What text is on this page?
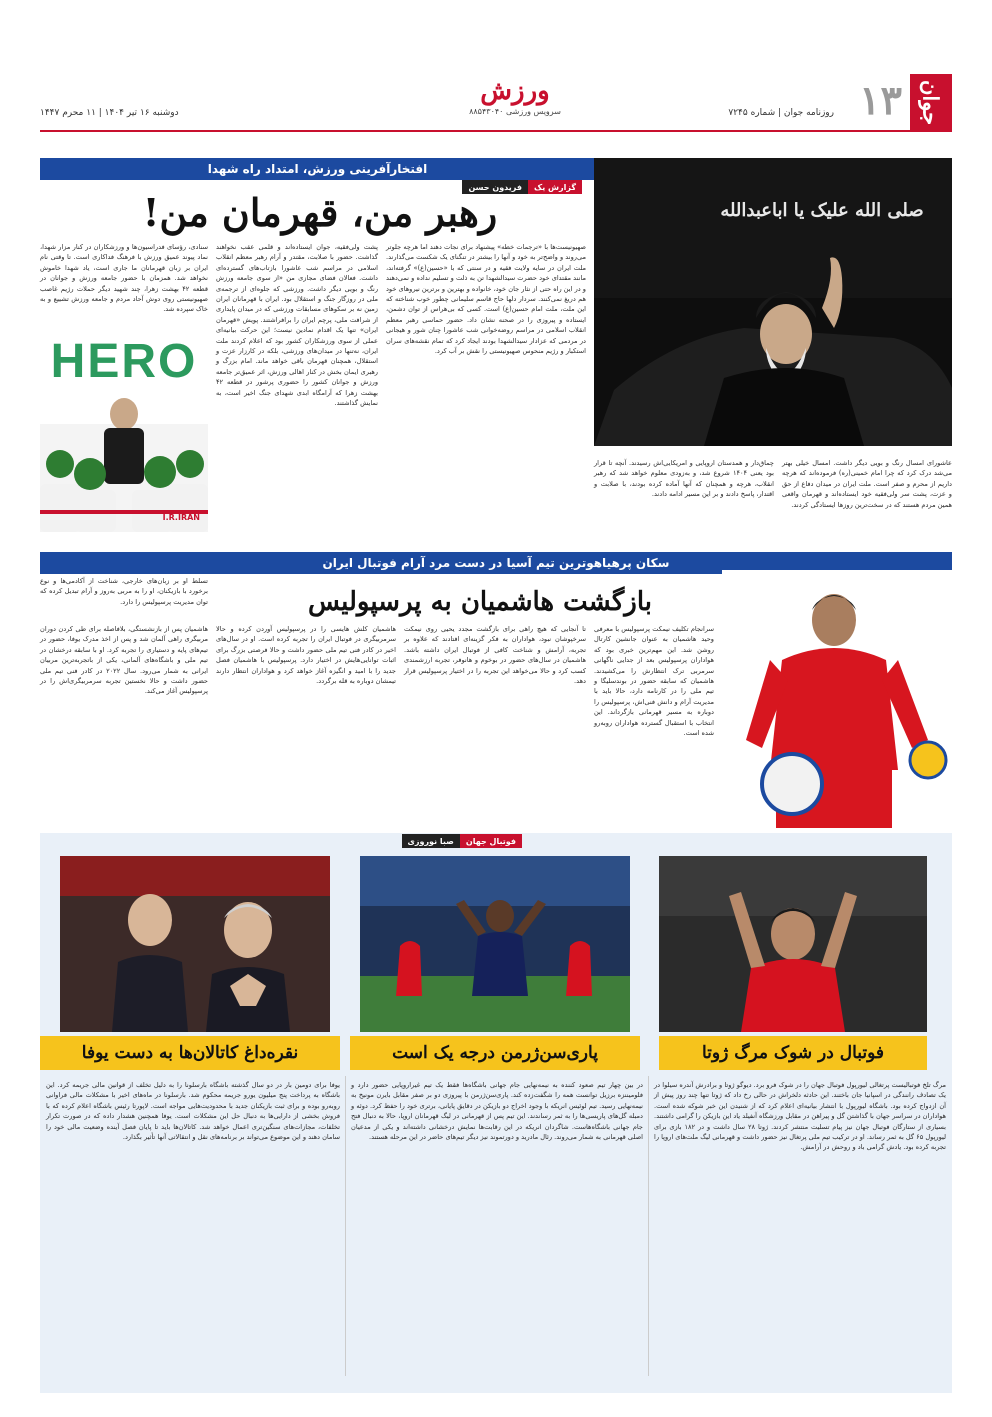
جوان
۱۳
روزنامه جوان | شماره ۷۲۴۵
ورزش
سرویس ورزشی ۸۸۵۴۳۰۴۰
دوشنبه ۱۶ تیر ۱۴۰۴ | ۱۱ محرم ۱۴۴۷
افتخارآفرینی ورزش، امتداد راه شهدا
گزارش یک
فریدون حسن
رهبر من، قهرمان من!	صلی الله علیک یا اباعبدالله
HERO
I.R.IRAN
سنادی، رؤسای فدراسیون‌ها و ورزشکاران در کنار مزار شهدا، نماد پیوند عمیق ورزش با فرهنگ فداکاری است. تا وقتی نام ایران بر زبان قهرمانان ما جاری است، یاد شهدا خاموش نخواهد شد. همزمان با حضور جامعه ورزش و جوانان در قطعه ۴۲ بهشت زهرا، چند شهید دیگر حملات رژیم غاصب صهیونیستی روی دوش آحاد مردم و جامعه ورزش تشییع و به خاک سپرده شد.
پشت ولی‌فقیه، جوان ایستاده‌اند و قلمی عقب نخواهند گذاشت. حضور با صلابت، مقتدر و آرام رهبر معظم انقلاب اسلامی در مراسم شب عاشورا بازتاب‌های گسترده‌ای داشت. فعالان فضای مجازی من «از سوی جامعه ورزش رنگ و بویی دیگر داشت. ورزشی که جلوه‌ای از ترجمه‌ی ملی در روزگار جنگ و استقلال بود. ایران با قهرمانان ایران زمین نه بر سکوهای مسابقات ورزشی که در میدان پایداری از شرافت ملی، پرچم ایران را برافراشتند. پویش «قهرمان ایران» تنها یک اقدام نمادین نیست؛ این حرکت بیانیه‌ای عملی از سوی ورزشکاران کشور بود که اعلام کردند ملت ایران، نه‌تنها در میدان‌های ورزشی، بلکه در کارزار عزت و استقلال، همچنان قهرمان باقی خواهد ماند. امام بزرگ و رهبری ایمان بخش در کنار اهالی ورزش، اثر عمیق‌تر جامعه ورزش و جوانان کشور را حضوری پرشور در قطعه ۴۲ بهشت زهرا که آرامگاه ابدی شهدای جنگ اخیر است، به نمایش گذاشتند.
صهیونیست‌ها با «ترجمات خطه» پیشنهاد برای نجات دهند اما هرچه جلوتر می‌روند و واضح‌تر به خود و آنها را بیشتر در تنگنای یک شکست می‌گذارند. ملت ایران در سایه ولایت فقیه و در سنتی که با «حسین(ع)» گرفته‌اند، مانند مقتدای خود حضرت سیدالشهدا تن به ذلت و تسلیم نداده و نمی‌دهند و در این راه حتی از نثار جان خود، خانواده و بهترین و برترین نیروهای خود هم دریغ نمی‌کنند. سردار دلها حاج قاسم سلیمانی چطور خوب شناخته که این ملت، ملت امام حسین(ع) است. کسی که بی‌هراس از توان دشمن، ایستاده و پیروزی را در صحنه نشان داد. حضور حماسی رهبر معظم انقلاب اسلامی در مراسم روضه‌خوانی شب عاشورا چنان شور و هیجانی در مردمی که عزادار سیدالشهدا بودند ایجاد کرد که تمام نقشه‌های سران استکبار و رژیم منحوس صهیونیستی را نقش بر آب کرد.
عاشورای امسال رنگ و بویی دیگر داشت. امسال خیلی بهتر می‌شد درک کرد که چرا امام خمینی(ره) فرموده‌اند که هرچه داریم از محرم و صفر است. ملت ایران در میدان دفاع از حق و عزت، پشت سر ولی‌فقیه خود ایستاده‌اند و قهرمان واقعی همین مردم هستند که در سخت‌ترین روزها ایستادگی کردند.
چماق‌دار و همدستان اروپایی و امریکایی‌اش رسیدند. آنچه تا قرار بود یعنی ۱۴۰۴ شروع شد، و به‌زودی معلوم خواهد شد که رهبر انقلاب، هرچه و همچنان که آنها آماده کرده بودند، با صلابت و اقتدار، پاسخ دادند و بر این مسیر ادامه دادند.
سکان پرهیاهوترین تیم آسیا در دست مرد آرام فوتبال ایران
بازگشت هاشمیان به پرسپولیس
سرانجام تکلیف نیمکت پرسپولیس با معرفی وحید هاشمیان به عنوان جانشین کارتال روشن شد. این مهم‌ترین خبری بود که هواداران پرسپولیس بعد از جدایی ناگهانی سرمربی ترک انتظارش را می‌کشیدند. هاشمیان که سابقه حضور در بوندسلیگا و تیم ملی را در کارنامه دارد، حالا باید با مدیریت آرام و دانش فنی‌اش، پرسپولیس را دوباره به مسیر قهرمانی بازگرداند. این انتخاب با استقبال گسترده هواداران روبه‌رو شده است.
تا آنجایی که هیچ راهی برای بازگشت مجدد یحیی روی نیمکت سرخپوشان نبود، هواداران به فکر گزینه‌ای افتادند که علاوه بر تجربه، آرامش و شناخت کافی از فوتبال ایران داشته باشد. هاشمیان در سال‌های حضور در بوخوم و هانوفر، تجربه ارزشمندی کسب کرد و حالا می‌خواهد این تجربه را در اختیار پرسپولیس قرار دهد.
هاشمیان کلش هایسی را در پرسپولیس آوردن کرده و حالا سرمربیگری در فوتبال ایران را تجربه کرده است. او در سال‌های اخیر در کادر فنی تیم ملی حضور داشت و حالا فرصتی بزرگ برای اثبات توانایی‌هایش در اختیار دارد. پرسپولیس با هاشمیان فصل جدید را با امید و انگیزه آغاز خواهد کرد و هواداران انتظار دارند تیمشان دوباره به قله برگردد.
هاشمیان پس از بازنشستگی، بلافاصله برای طی کردن دوران مربیگری راهی آلمان شد و پس از اخذ مدرک یوفا، حضور در تیم‌های پایه و دستیاری را تجربه کرد. او با سابقه درخشان در تیم ملی و باشگاه‌های آلمانی، یکی از باتجربه‌ترین مربیان ایرانی به شمار می‌رود. سال ۲۰۲۲ در کادر فنی تیم ملی حضور داشت و حالا نخستین تجربه سرمربیگری‌اش را در پرسپولیس آغاز می‌کند.
تسلط او بر زبان‌های خارجی، شناخت از آکادمی‌ها و نوع برخورد با بازیکنان، او را به مربی به‌روز و آرام تبدیل کرده که توان مدیریت پرسپولیس را دارد.
فوتبال جهان
صبا نوروزی
فوتبال در شوک مرگ ژوتا
پاری‌سن‌ژرمن درجه یک است
نقره‌داغ کاتالان‌ها به دست یوفا
مرگ تلخ فوتبالیست پرتغالی لیورپول فوتبال جهان را در شوک فرو برد. دیوگو ژوتا و برادرش آندره سیلوا در یک تصادف رانندگی در اسپانیا جان باختند. این حادثه دلخراش در حالی رخ داد که ژوتا تنها چند روز پیش از آن ازدواج کرده بود. باشگاه لیورپول با انتشار بیانیه‌ای اعلام کرد که از شنیدن این خبر شوکه شده است. هواداران در سراسر جهان با گذاشتن گل و پیراهن در مقابل ورزشگاه آنفیلد یاد این بازیکن را گرامی داشتند. بسیاری از ستارگان فوتبال جهان نیز پیام تسلیت منتشر کردند. ژوتا ۲۸ سال داشت و در ۱۸۲ بازی برای لیورپول ۶۵ گل به ثمر رساند. او در ترکیب تیم ملی پرتغال نیز حضور داشت و قهرمانی لیگ ملت‌های اروپا را تجربه کرده بود. یادش گرامی باد و روحش در آرامش.
در بین چهار تیم صعود کننده به نیمه‌نهایی جام جهانی باشگاه‌ها فقط یک تیم غیراروپایی حضور دارد و فلومیننزه برزیل توانست همه را شگفت‌زده کند. پاری‌سن‌ژرمن با پیروزی دو بر صفر مقابل بایرن مونیخ به نیمه‌نهایی رسید. تیم لوئیس انریکه با وجود اخراج دو بازیکن در دقایق پایانی، برتری خود را حفظ کرد. دوئه و دمبله گل‌های پاریسی‌ها را به ثمر رساندند. این تیم پس از قهرمانی در لیگ قهرمانان اروپا، حالا به دنبال فتح جام جهانی باشگاه‌هاست. شاگردان انریکه در این رقابت‌ها نمایش درخشانی داشته‌اند و یکی از مدعیان اصلی قهرمانی به شمار می‌روند. رئال مادرید و دورتموند نیز دیگر تیم‌های حاضر در این مرحله هستند.
یوفا برای دومین بار در دو سال گذشته باشگاه بارسلونا را به دلیل تخلف از قوانین مالی جریمه کرد. این باشگاه به پرداخت پنج میلیون یورو جریمه محکوم شد. بارسلونا در ماه‌های اخیر با مشکلات مالی فراوانی روبه‌رو بوده و برای ثبت بازیکنان جدید با محدودیت‌هایی مواجه است. لاپورتا رئیس باشگاه اعلام کرده که با فروش بخشی از دارایی‌ها به دنبال حل این مشکلات است. یوفا همچنین هشدار داده که در صورت تکرار تخلفات، مجازات‌های سنگین‌تری اعمال خواهد شد. کاتالان‌ها باید تا پایان فصل آینده وضعیت مالی خود را سامان دهند و این موضوع می‌تواند بر برنامه‌های نقل و انتقالاتی آنها تأثیر بگذارد.
